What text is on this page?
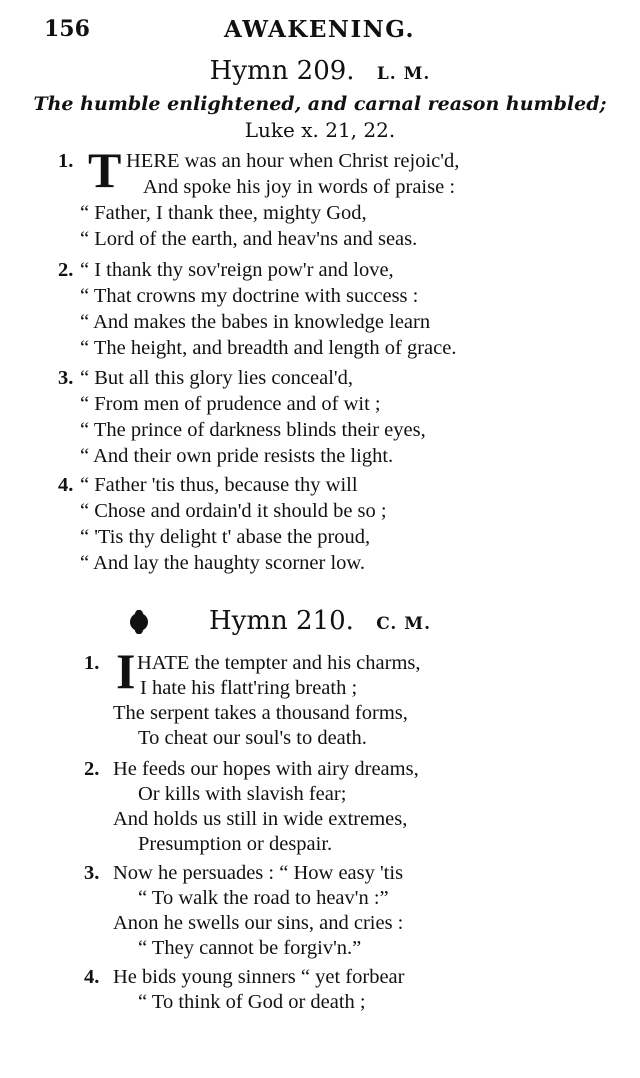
156	AWAKENING.
Hymn 209. L. M.
The humble enlightened, and carnal reason humbled;
Luke x. 21, 22.
1. T HERE was an hour when Christ rejoic'd,
And spoke his joy in words of praise :
“ Father, I thank thee, mighty God,
“ Lord of the earth, and heav'ns and seas.
2. “ I thank thy sov'reign pow'r and love,
“ That crowns my doctrine with success :
“ And makes the babes in knowledge learn
“ The height, and breadth and length of grace.
3. “ But all this glory lies conceal'd,
“ From men of prudence and of wit ;
“ The prince of darkness blinds their eyes,
“ And their own pride resists the light.
4. “ Father 'tis thus, because thy will
“ Chose and ordain'd it should be so ;
“ 'Tis thy delight t' abase the proud,
“ And lay the haughty scorner low.
Hymn 210. C. M.
1. I HATE the tempter and his charms,
I hate his flatt'ring breath ;
The serpent takes a thousand forms,
To cheat our soul's to death.
2. He feeds our hopes with airy dreams,
Or kills with slavish fear;
And holds us still in wide extremes,
Presumption or despair.
3. Now he persuades : “ How easy 'tis
“ To walk the road to heav'n :”
Anon he swells our sins, and cries :
“ They cannot be forgiv'n.”
4. He bids young sinners “ yet forbear
“ To think of God or death ;
